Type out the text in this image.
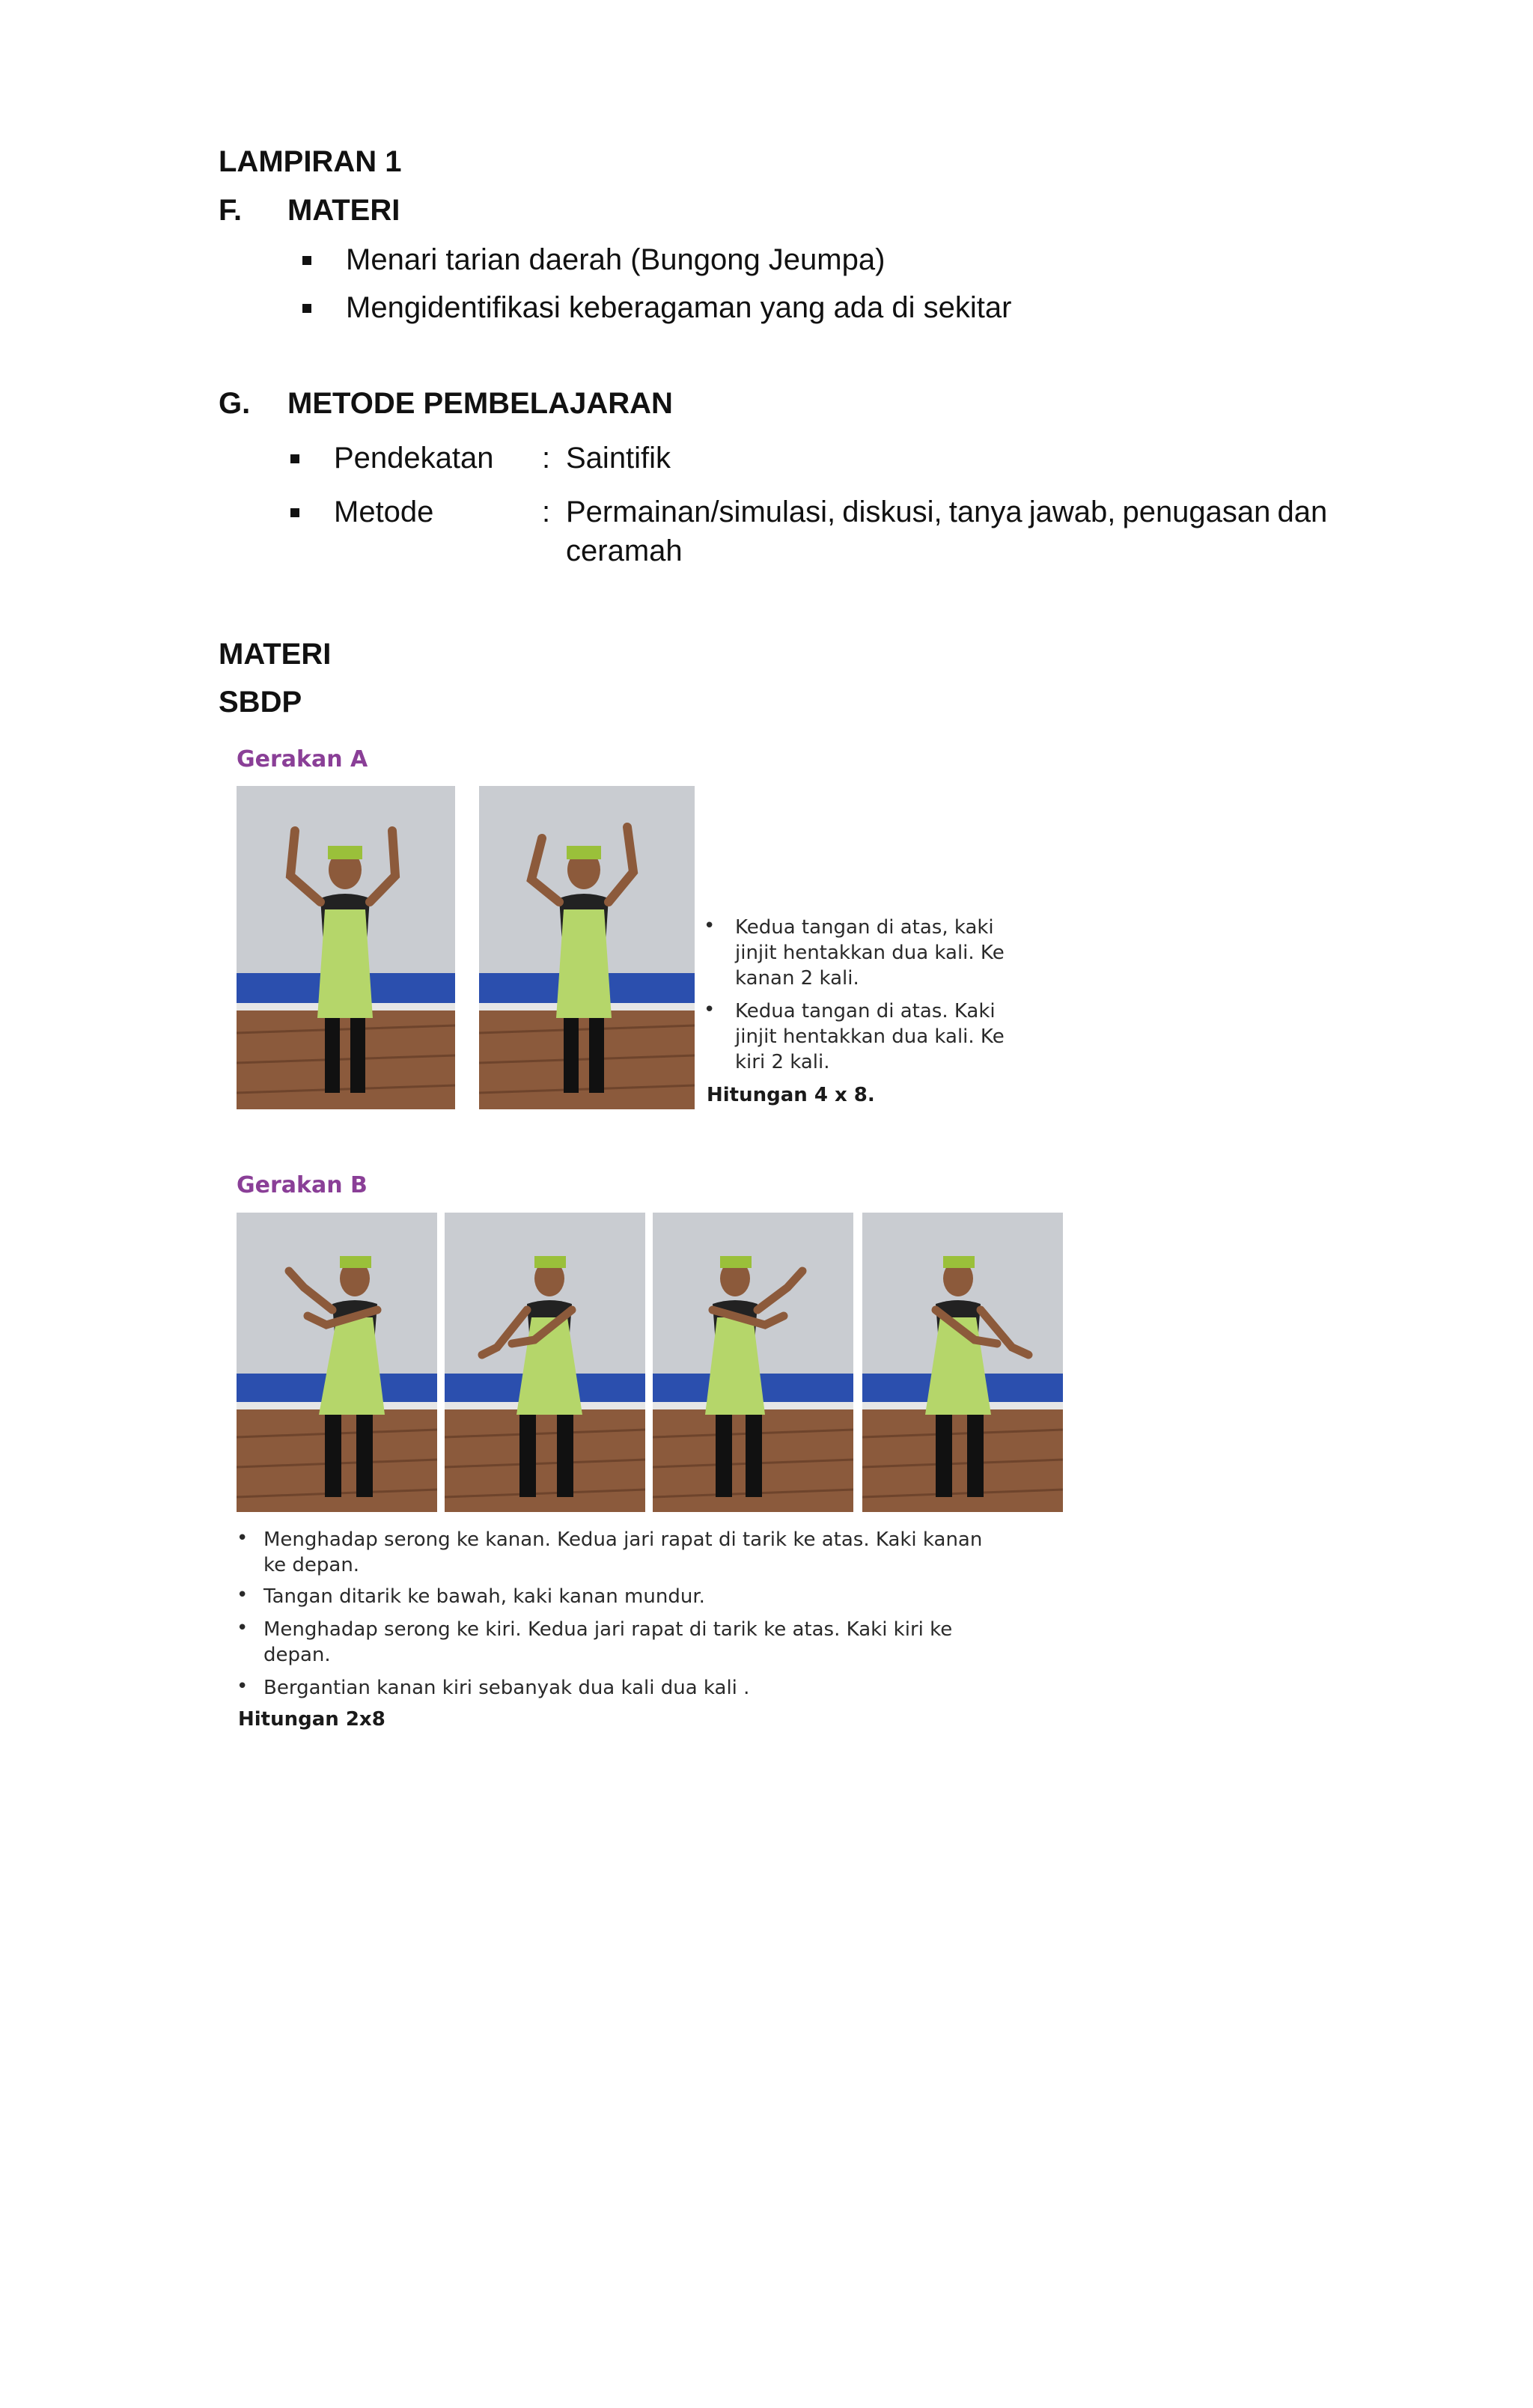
LAMPIRAN 1
F. MATERI
Menari tarian daerah (Bungong Jeumpa)
Mengidentifikasi keberagaman yang ada di sekitar
G. METODE PEMBELAJARAN
Pendekatan : Saintifik
Metode	: Permainan/simulasi, diskusi, tanya jawab, penugasan dan
ceramah
MATERI
SBDP
Gerakan A
• Kedua tangan di atas, kaki
jinjit hentakkan dua kali. Ke
kanan 2 kali.
• Kedua tangan di atas. Kaki
jinjit hentakkan dua kali. Ke
kiri 2 kali.
Hitungan 4 x 8.
Gerakan B
• Menghadap serong ke kanan. Kedua jari rapat di tarik ke atas. Kaki kanan
ke depan.
• Tangan ditarik ke bawah, kaki kanan mundur.
• Menghadap serong ke kiri. Kedua jari rapat di tarik ke atas. Kaki kiri ke
depan.
• Bergantian kanan kiri sebanyak dua kali dua kali .
Hitungan 2x8
